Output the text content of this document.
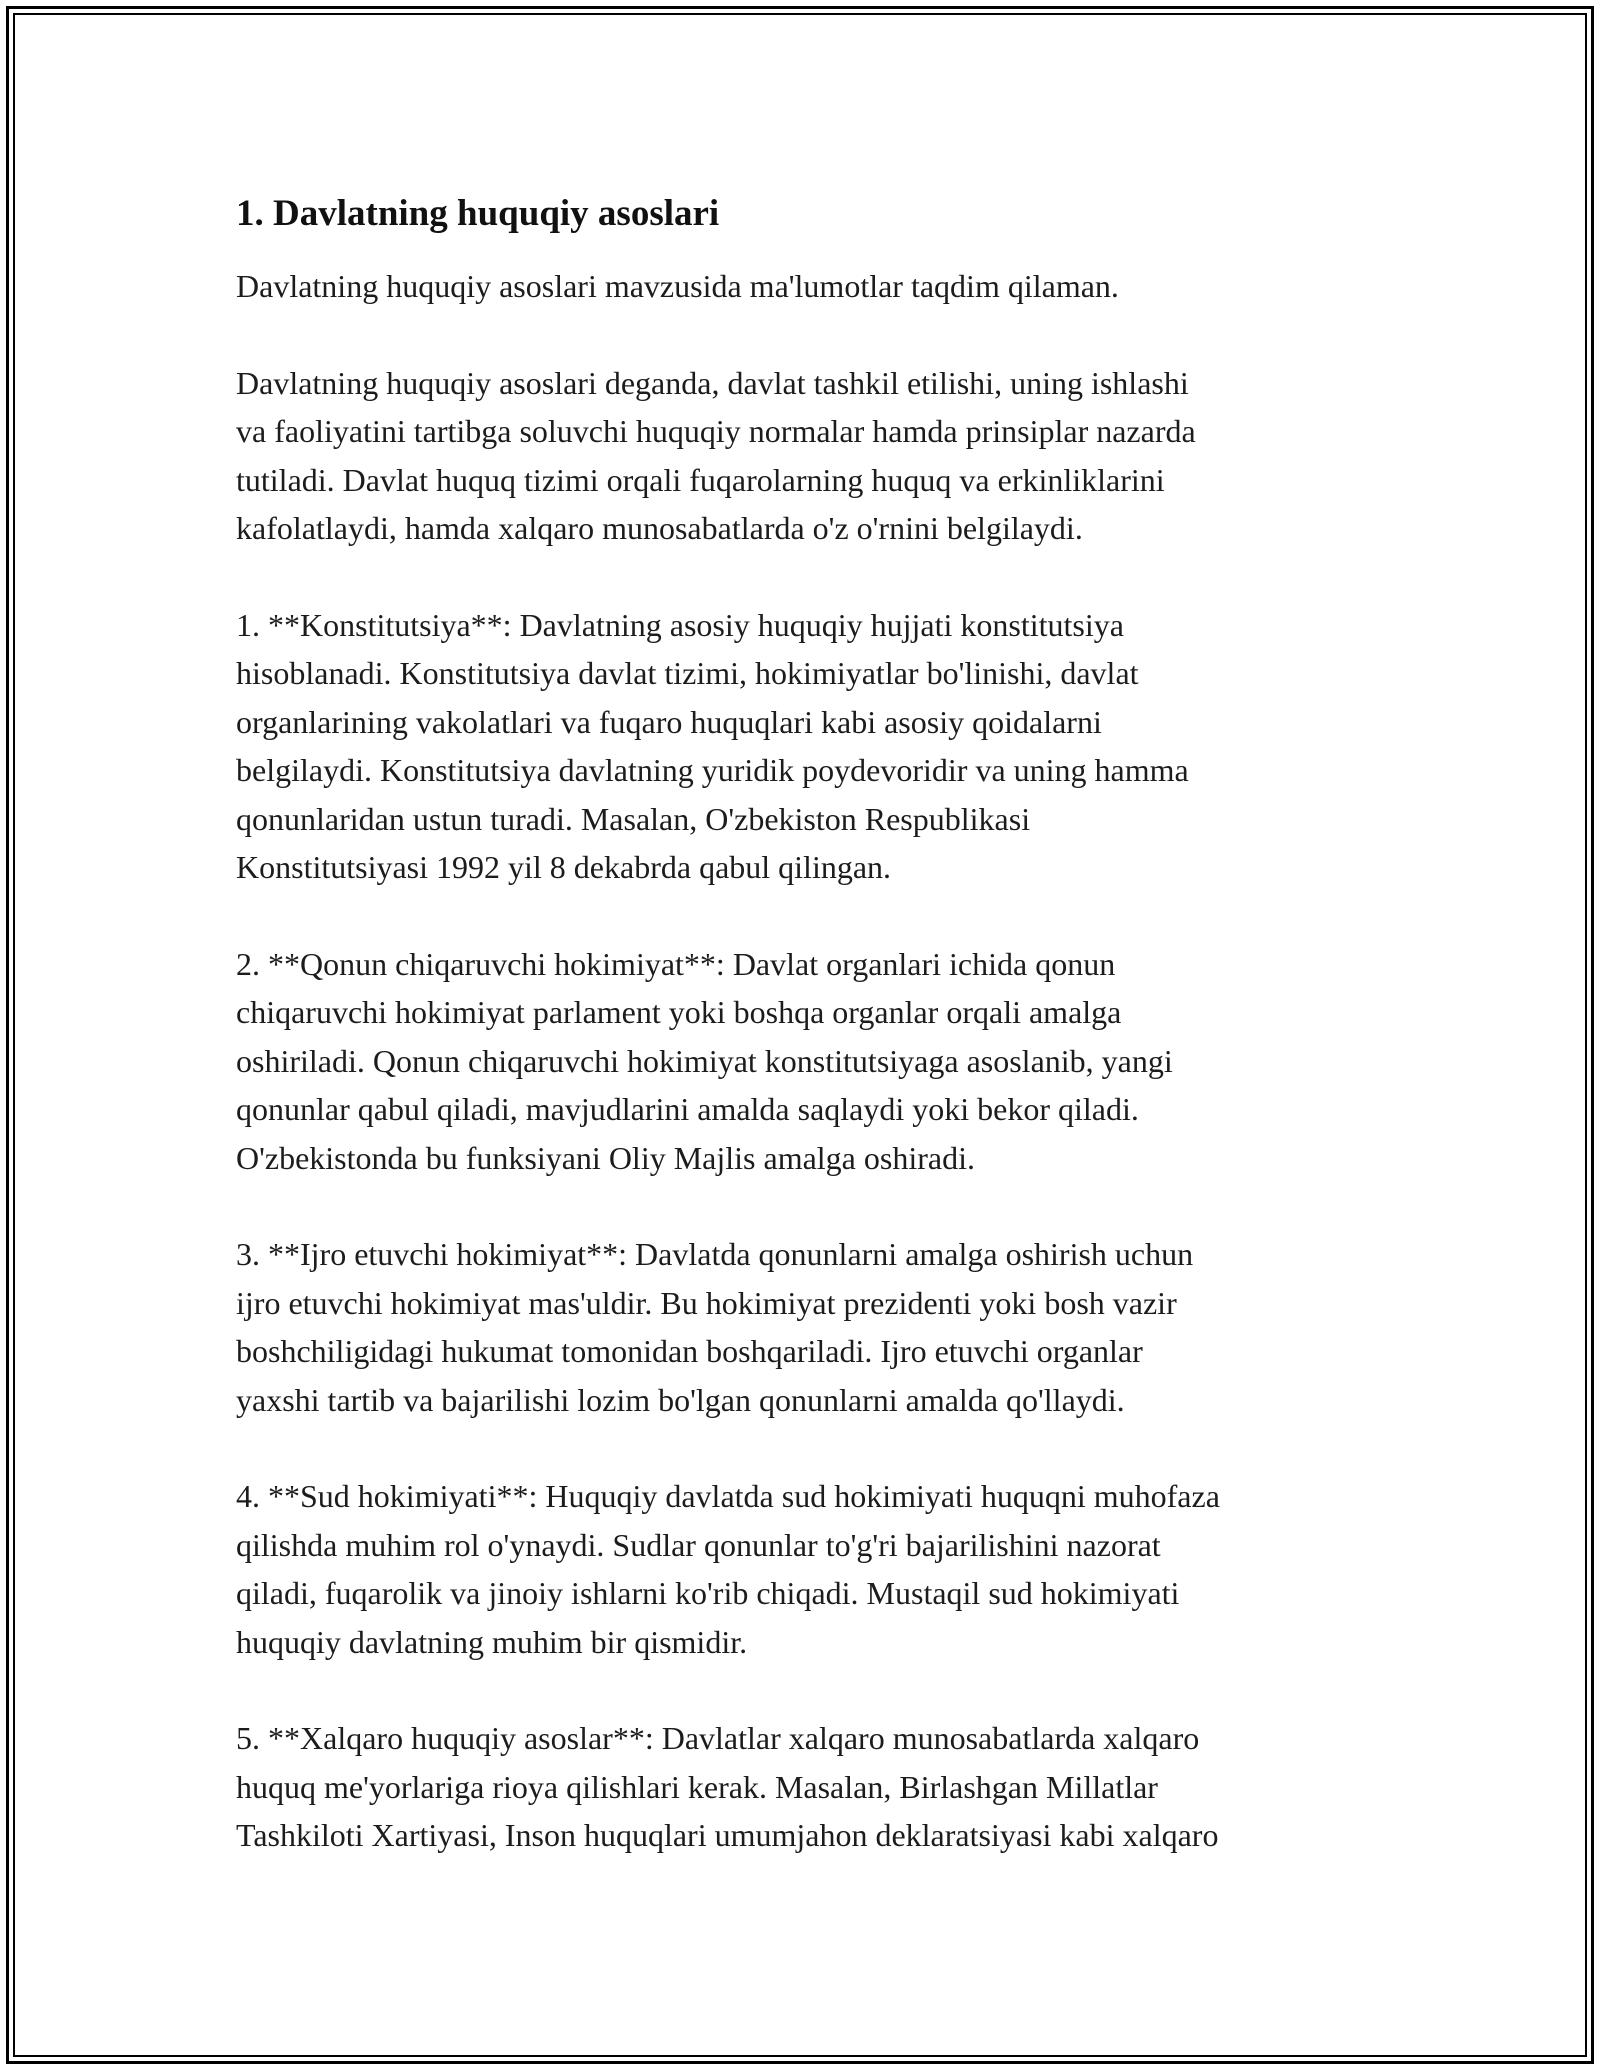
1. Davlatning huquqiy asoslari

Davlatning huquqiy asoslari mavzusida ma'lumotlar taqdim qilaman.

Davlatning huquqiy asoslari deganda, davlat tashkil etilishi, uning ishlashi
va faoliyatini tartibga soluvchi huquqiy normalar hamda prinsiplar nazarda
tutiladi. Davlat huquq tizimi orqali fuqarolarning huquq va erkinliklarini
kafolatlaydi, hamda xalqaro munosabatlarda o'z o'rnini belgilaydi.

1. **Konstitutsiya**: Davlatning asosiy huquqiy hujjati konstitutsiya
hisoblanadi. Konstitutsiya davlat tizimi, hokimiyatlar bo'linishi, davlat
organlarining vakolatlari va fuqaro huquqlari kabi asosiy qoidalarni
belgilaydi. Konstitutsiya davlatning yuridik poydevoridir va uning hamma
qonunlaridan ustun turadi. Masalan, O'zbekiston Respublikasi
Konstitutsiyasi 1992 yil 8 dekabrda qabul qilingan.

2. **Qonun chiqaruvchi hokimiyat**: Davlat organlari ichida qonun
chiqaruvchi hokimiyat parlament yoki boshqa organlar orqali amalga
oshiriladi. Qonun chiqaruvchi hokimiyat konstitutsiyaga asoslanib, yangi
qonunlar qabul qiladi, mavjudlarini amalda saqlaydi yoki bekor qiladi.
O'zbekistonda bu funksiyani Oliy Majlis amalga oshiradi.

3. **Ijro etuvchi hokimiyat**: Davlatda qonunlarni amalga oshirish uchun
ijro etuvchi hokimiyat mas'uldir. Bu hokimiyat prezidenti yoki bosh vazir
boshchiligidagi hukumat tomonidan boshqariladi. Ijro etuvchi organlar
yaxshi tartib va bajarilishi lozim bo'lgan qonunlarni amalda qo'llaydi.

4. **Sud hokimiyati**: Huquqiy davlatda sud hokimiyati huquqni muhofaza
qilishda muhim rol o'ynaydi. Sudlar qonunlar to'g'ri bajarilishini nazorat
qiladi, fuqarolik va jinoiy ishlarni ko'rib chiqadi. Mustaqil sud hokimiyati
huquqiy davlatning muhim bir qismidir.

5. **Xalqaro huquqiy asoslar**: Davlatlar xalqaro munosabatlarda xalqaro
huquq me'yorlariga rioya qilishlari kerak. Masalan, Birlashgan Millatlar
Tashkiloti Xartiyasi, Inson huquqlari umumjahon deklaratsiyasi kabi xalqaro
